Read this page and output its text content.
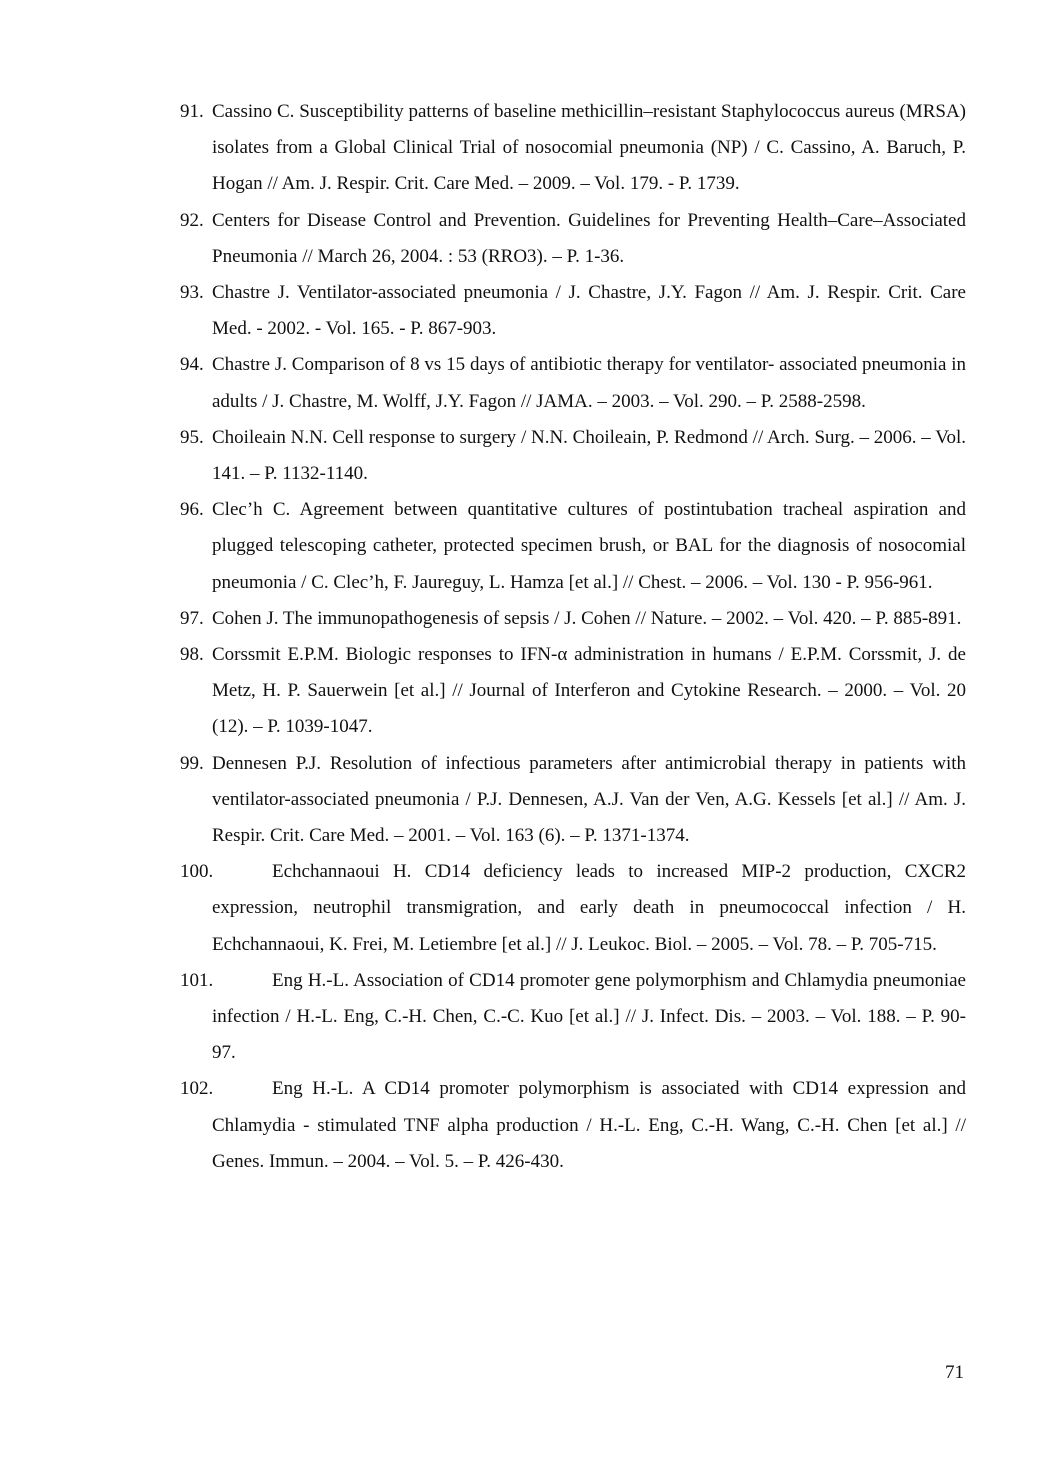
91. Cassino C. Susceptibility patterns of baseline methicillin–resistant Staphylococcus aureus (MRSA) isolates from a Global Clinical Trial of nosocomial pneumonia (NP) / C. Cassino, A. Baruch, P. Hogan // Am. J. Respir. Crit. Care Med. – 2009. – Vol. 179. - P. 1739.
92. Centers for Disease Control and Prevention. Guidelines for Preventing Health–Care–Associated Pneumonia // March 26, 2004. : 53 (RRO3). – P. 1-36.
93. Chastre J. Ventilator-associated pneumonia / J. Chastre, J.Y. Fagon // Am. J. Respir. Crit. Care Med. - 2002. - Vol. 165. - P. 867-903.
94. Chastre J. Comparison of 8 vs 15 days of antibiotic therapy for ventilator- associated pneumonia in adults / J. Chastre, M. Wolff, J.Y. Fagon // JAMA. – 2003. – Vol. 290. – P. 2588-2598.
95. Choileain N.N. Cell response to surgery / N.N. Choileain, P. Redmond // Arch. Surg. – 2006. – Vol. 141. – P. 1132-1140.
96. Clec’h C. Agreement between quantitative cultures of postintubation tracheal aspiration and plugged telescoping catheter, protected specimen brush, or BAL for the diagnosis of nosocomial pneumonia / C. Clec’h, F. Jaureguy, L. Hamza [et al.] // Chest. – 2006. – Vol. 130 - P. 956-961.
97. Cohen J. The immunopathogenesis of sepsis / J. Cohen // Nature. – 2002. – Vol. 420. – P. 885-891.
98. Corssmit E.P.M. Biologic responses to IFN-α administration in humans / E.P.M. Corssmit, J. de Metz, H. P. Sauerwein [et al.] // Journal of Interferon and Cytokine Research. – 2000. – Vol. 20 (12). – P. 1039-1047.
99. Dennesen P.J. Resolution of infectious parameters after antimicrobial therapy in patients with ventilator-associated pneumonia / P.J. Dennesen, A.J. Van der Ven, A.G. Kessels [et al.] // Am. J. Respir. Crit. Care Med. – 2001. – Vol. 163 (6). – P. 1371-1374.
100.	Echchannaoui H. CD14 deficiency leads to increased MIP-2 production, CXCR2 expression, neutrophil transmigration, and early death in pneumococcal infection / H. Echchannaoui, K. Frei, M. Letiembre [et al.] // J. Leukoc. Biol. – 2005. – Vol. 78. – P. 705-715.
101.	Eng H.-L. Association of CD14 promoter gene polymorphism and Chlamydia pneumoniae infection / H.-L. Eng, C.-H. Chen, C.-C. Kuo [et al.] // J. Infect. Dis. – 2003. – Vol. 188. – P. 90-97.
102.	Eng H.-L. A CD14 promoter polymorphism is associated with CD14 expression and Chlamydia - stimulated TNF alpha production / H.-L. Eng, C.-H. Wang, C.-H. Chen [et al.] // Genes. Immun. – 2004. – Vol. 5. – P. 426-430.
71
